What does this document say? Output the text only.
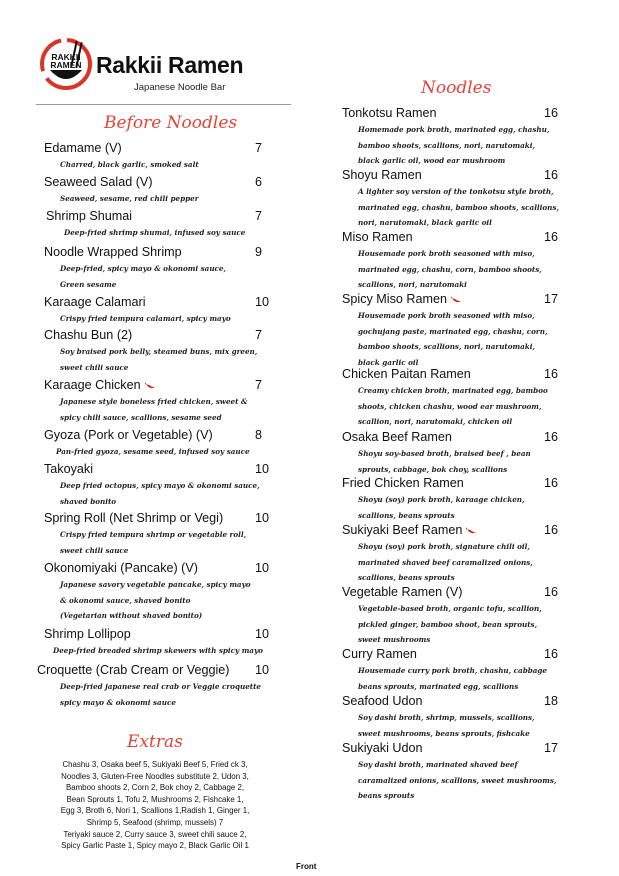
RAKKII
RAMEN Rakkii Ramen
Japanese Noodle Bar
Before Noodles
Noodles
Extras
Edamame (V)	7
Charred, black garlic, smoked salt
Seaweed Salad (V)	6
Seaweed, sesame, red chili pepper
Shrimp Shumai	7
Deep-fried shrimp shumai, infused soy sauce
Noodle Wrapped Shrimp	9
Deep-fried, spicy mayo & okonomi sauce,
Green sesame
Karaage Calamari	10
Crispy fried tempura calamari, spicy mayo
Chashu Bun (2)	7
Soy braised pork belly, steamed buns, mix green,
sweet chili sauce
Karaage Chicken	7
Japanese style boneless fried chicken, sweet &
spicy chili sauce, scallions, sesame seed
Gyoza (Pork or Vegetable) (V)	8
Pan-fried gyoza, sesame seed, infused soy sauce
Takoyaki	10
Deep fried octopus, spicy mayo & okonomi sauce,
shaved bonito
Spring Roll (Net Shrimp or Vegi)	10
Crispy fried tempura shrimp or vegetable roll,
sweet chili sauce
Okonomiyaki (Pancake) (V)	10
Japanese savory vegetable pancake, spicy mayo
& okonomi sauce, shaved bonito
(Vegetarian without shaved bonito)
Shrimp Lollipop	10
Deep-fried breaded shrimp skewers with spicy mayo
Croquette (Crab Cream or Veggie) 10
Deep-fried japanese real crab or Veggie croquette
spicy mayo & okonomi sauce
Tonkotsu Ramen	16
Homemade pork broth, marinated egg, chashu,
bamboo shoots, scallions, nori, narutomaki,
black garlic oil, wood ear mushroom
Shoyu Ramen	16
A lighter soy version of the tonkotsu style broth,
marinated egg, chashu, bamboo shoots, scallions,
nori, narutomaki, black garlic oil
Miso Ramen	16
Housemade pork broth seasoned with miso,
marinated egg, chashu, corn, bamboo shoots,
scallions, nori, narutomaki
Spicy Miso Ramen	17
Housemade pork broth seasoned with miso,
gochujang paste, marinated egg, chashu, corn,
bamboo shoots, scallions, nori, narutomaki,
black garlic oil
Chicken Paitan Ramen	16
Creamy chicken broth, marinated egg, bamboo
shoots, chicken chashu, wood ear mushroom,
scallion, nori, narutomaki, chicken oil
Osaka Beef Ramen	16
Shoyu soy-based broth, braised beef , bean
sprouts, cabbage, bok choy, scallions
Fried Chicken Ramen	16
Shoyu (soy) pork broth, karaage chicken,
scallions, beans sprouts
Sukiyaki Beef Ramen	16
Shoyu (soy) pork broth, signature chili oil,
marinated shaved beef caramalized onions,
scallions, beans sprouts
Vegetable Ramen (V)	16
Vegetable-based broth, organic tofu, scallion,
pickled ginger, bamboo shoot, bean sprouts,
sweet mushrooms
Curry Ramen	16
Housemade curry pork broth, chashu, cabbage
beans sprouts, marinated egg, scallions
Seafood Udon	18
Soy dashi broth, shrimp, mussels, scallions,
sweet mushrooms, beans sprouts, fishcake
Sukiyaki Udon	17
Soy dashi broth, marinated shaved beef
caramalized onions, scallions, sweet mushrooms,
beans sprouts
Chashu 3, Osaka beef 5, Sukiyaki Beef 5, Fried ck 3,
Noodles 3, Gluten-Free Noodles substitute 2, Udon 3,
Bamboo shoots 2, Corn 2, Bok choy 2, Cabbage 2,
Bean Sprouts 1, Tofu 2, Mushrooms 2, Fishcake 1,
Egg 3, Broth 6, Nori 1, Scallions 1,Radish 1, Ginger 1,
Shrimp 5, Seafood (shrimp, mussels) 7
Teriyaki sauce 2, Curry sauce 3, sweet chili sauce 2,
Spicy Garlic Paste 1, Spicy mayo 2, Black Garlic Oil 1
Front
